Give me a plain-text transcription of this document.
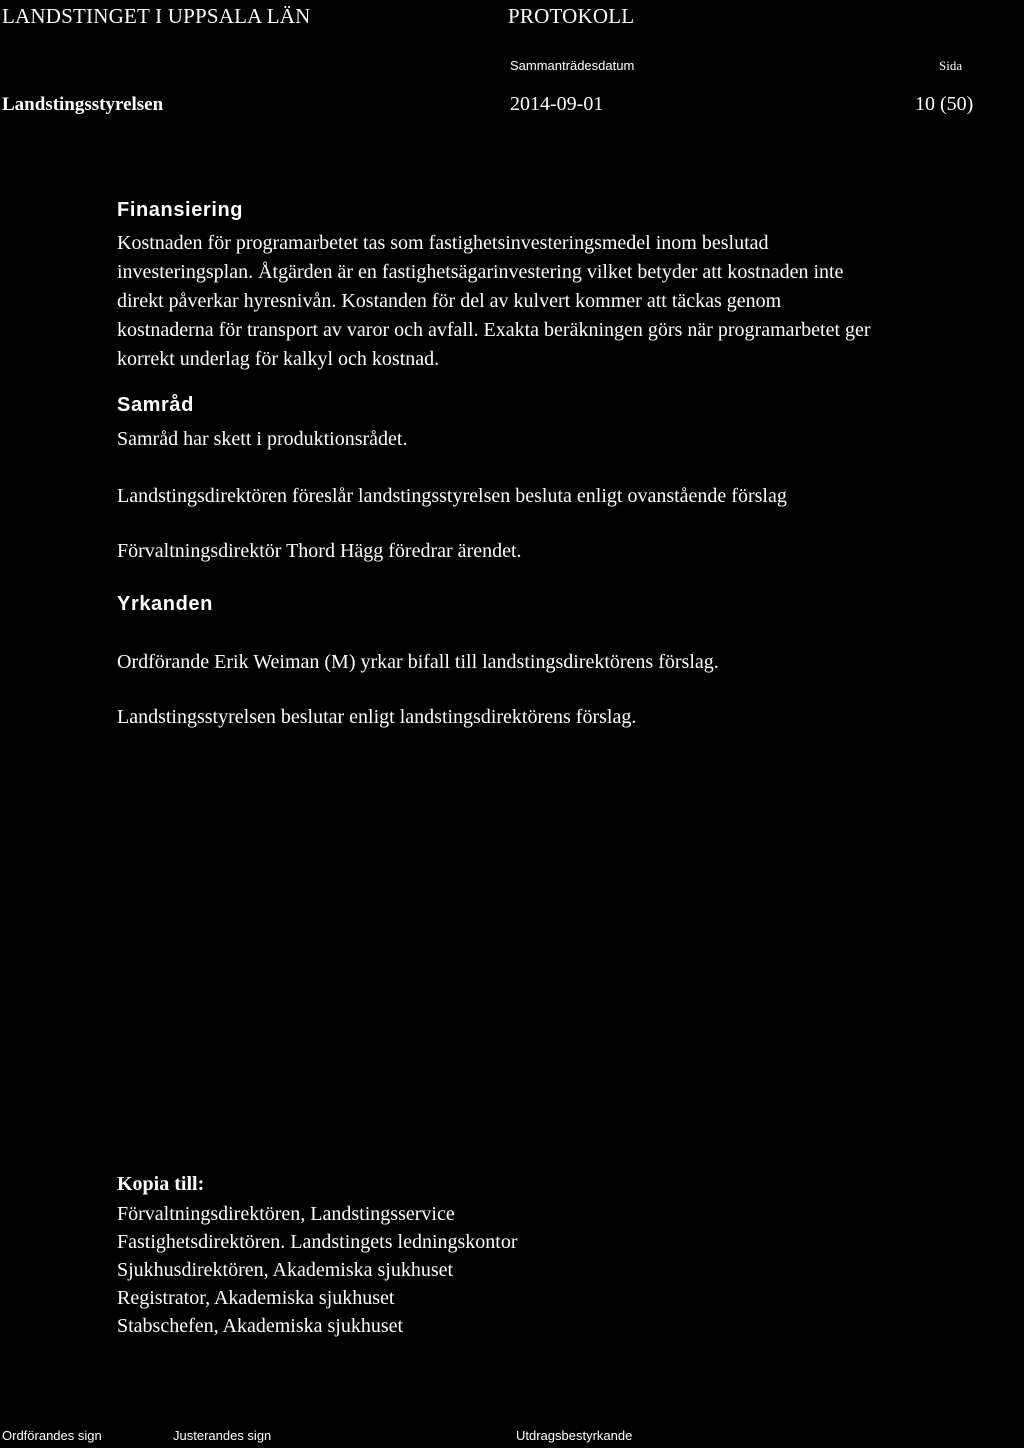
LANDSTINGET I UPPSALA LÄN	PROTOKOLL
Sammanträdesdatum	Sida
Landstingsstyrelsen	2014-09-01	10 (50)
Finansiering
Kostnaden för programarbetet tas som fastighetsinvesteringsmedel inom beslutad
investeringsplan. Åtgärden är en fastighetsägarinvestering vilket betyder att kostnaden inte
direkt påverkar hyresnivån. Kostanden för del av kulvert kommer att täckas genom
kostnaderna för transport av varor och avfall. Exakta beräkningen görs när programarbetet ger
korrekt underlag för kalkyl och kostnad.
Samråd
Samråd har skett i produktionsrådet.
Landstingsdirektören föreslår landstingsstyrelsen besluta enligt ovanstående förslag
Förvaltningsdirektör Thord Hägg föredrar ärendet.
Yrkanden
Ordförande Erik Weiman (M) yrkar bifall till landstingsdirektörens förslag.
Landstingsstyrelsen beslutar enligt landstingsdirektörens förslag.
Kopia till:
Förvaltningsdirektören, Landstingsservice
Fastighetsdirektören. Landstingets ledningskontor
Sjukhusdirektören, Akademiska sjukhuset
Registrator, Akademiska sjukhuset
Stabschefen, Akademiska sjukhuset
Ordförandes sign	Justerandes sign	Utdragsbestyrkande
